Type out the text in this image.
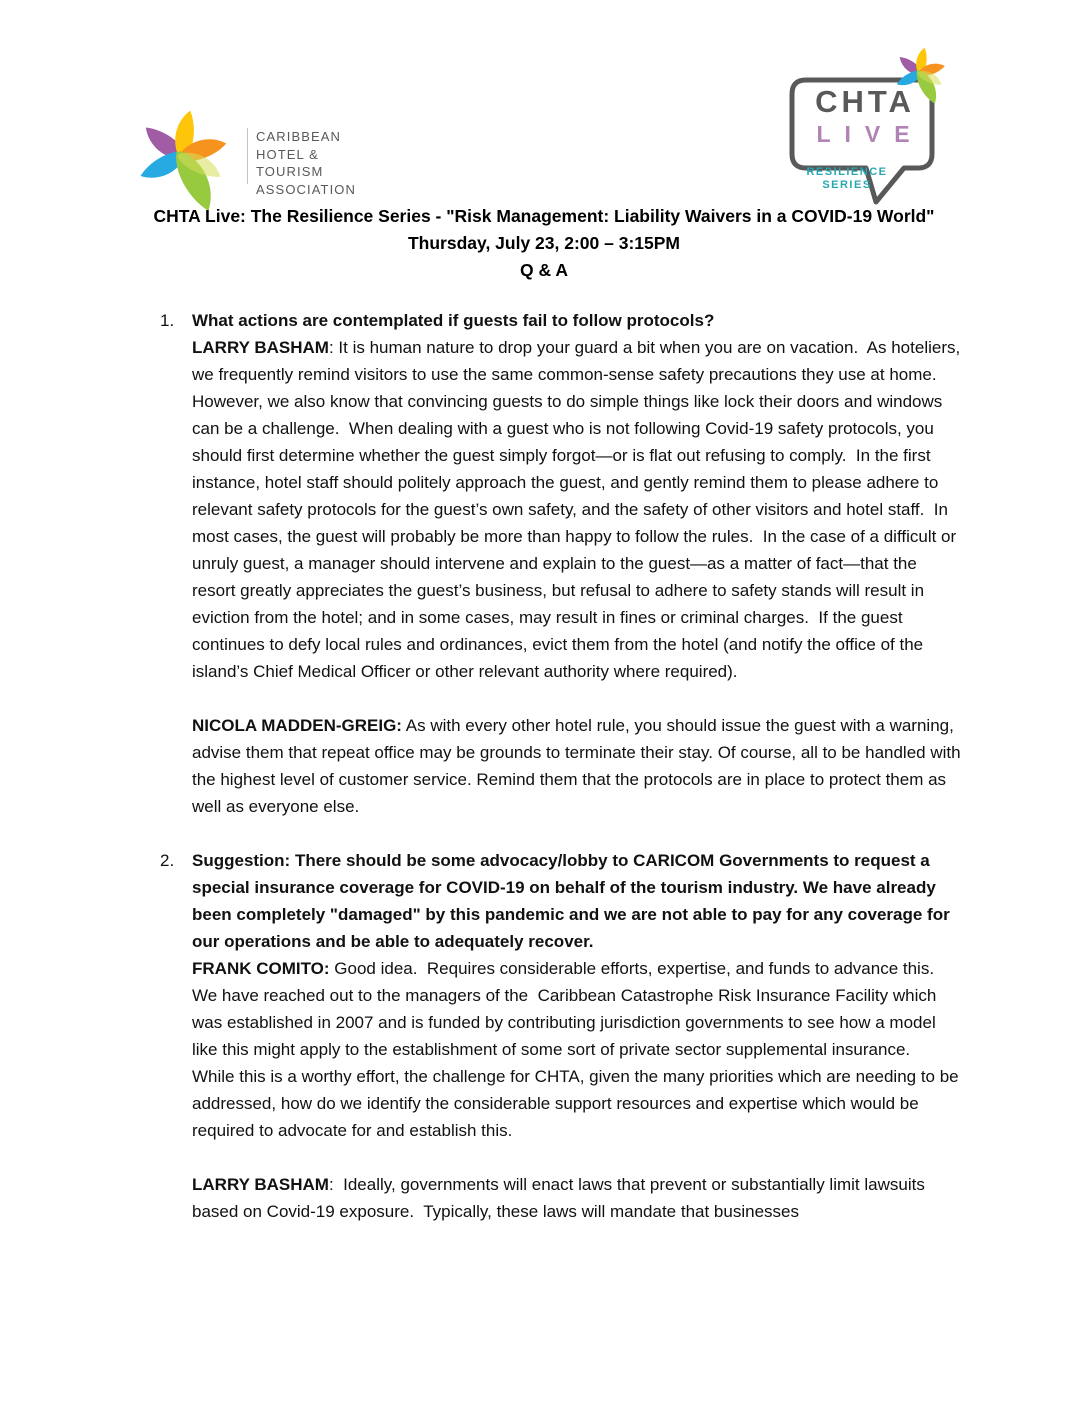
CARIBBEAN
HOTEL & TOURISM
ASSOCIATION
CHTA
LIVE
RESILIENCE
SERIES
CHTA Live: The Resilience Series - "Risk Management: Liability Waivers in a COVID-19 World"
Thursday, July 23, 2:00 – 3:15PM
Q & A
1.	What actions are contemplated if guests fail to follow protocols?

LARRY BASHAM: It is human nature to drop your guard a bit when you are on vacation.  As hoteliers, we frequently remind visitors to use the same common-sense safety precautions they use at home.  However, we also know that convincing guests to do simple things like lock their doors and windows can be a challenge.  When dealing with a guest who is not following Covid-19 safety protocols, you should first determine whether the guest simply forgot—or is flat out refusing to comply.  In the first instance, hotel staff should politely approach the guest, and gently remind them to please adhere to relevant safety protocols for the guest’s own safety, and the safety of other visitors and hotel staff.  In most cases, the guest will probably be more than happy to follow the rules.  In the case of a difficult or unruly guest, a manager should intervene and explain to the guest—as a matter of fact—that the resort greatly appreciates the guest’s business, but refusal to adhere to safety stands will result in eviction from the hotel; and in some cases, may result in fines or criminal charges.  If the guest continues to defy local rules and ordinances, evict them from the hotel (and notify the office of the island’s Chief Medical Officer or other relevant authority where required).

NICOLA MADDEN-GREIG: As with every other hotel rule, you should issue the guest with a warning, advise them that repeat office may be grounds to terminate their stay. Of course, all to be handled with the highest level of customer service. Remind them that the protocols are in place to protect them as well as everyone else.

2.	Suggestion: There should be some advocacy/lobby to CARICOM Governments to request a special insurance coverage for COVID-19 on behalf of the tourism industry. We have already been completely "damaged" by this pandemic and we are not able to pay for any coverage for our operations and be able to adequately recover.

FRANK COMITO: Good idea.  Requires considerable efforts, expertise, and funds to advance this.  We have reached out to the managers of the  Caribbean Catastrophe Risk Insurance Facility which was established in 2007 and is funded by contributing jurisdiction governments to see how a model like this might apply to the establishment of some sort of private sector supplemental insurance.  While this is a worthy effort, the challenge for CHTA, given the many priorities which are needing to be addressed, how do we identify the considerable support resources and expertise which would be required to advocate for and establish this.

LARRY BASHAM:  Ideally, governments will enact laws that prevent or substantially limit lawsuits based on Covid-19 exposure.  Typically, these laws will mandate that businesses
